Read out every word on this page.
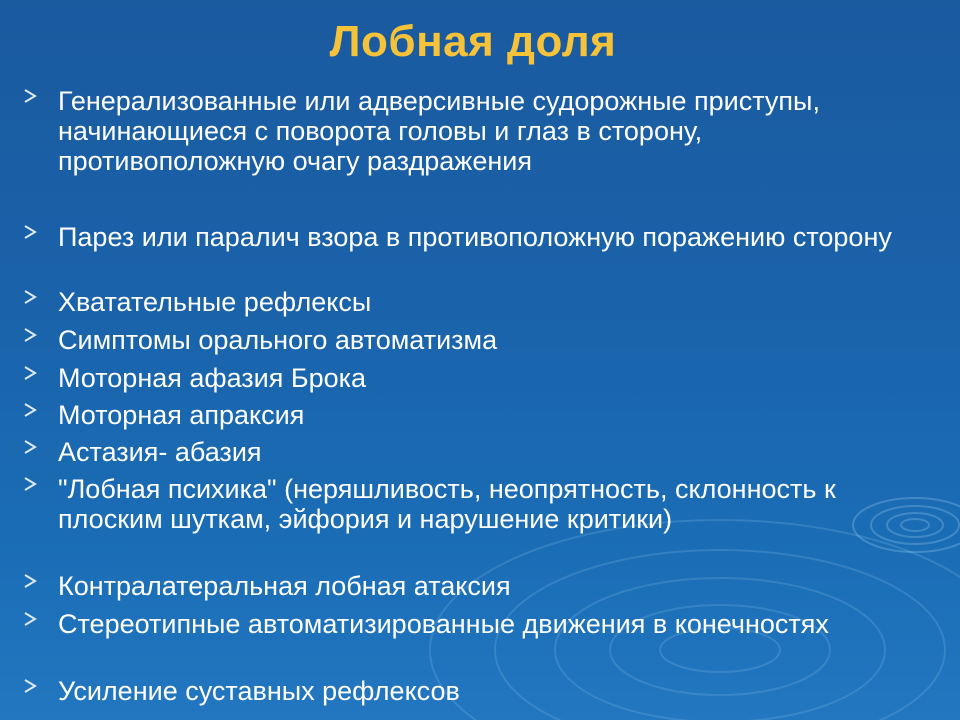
Лобная доля
Генерализованные или адверсивные судорожные приступы, начинающиеся с поворота головы и глаз в сторону, противоположную очагу раздражения
Парез или паралич взора в противоположную поражению сторону
Хватательные рефлексы
Симптомы орального автоматизма
Моторная афазия Брока
Моторная апраксия
Астазия- абазия
"Лобная психика" (неряшливость, неопрятность, склонность к плоским шуткам, эйфория и нарушение критики)
Контралатеральная лобная атаксия
Стереотипные автоматизированные движения в конечностях
Усиление суставных рефлексов
